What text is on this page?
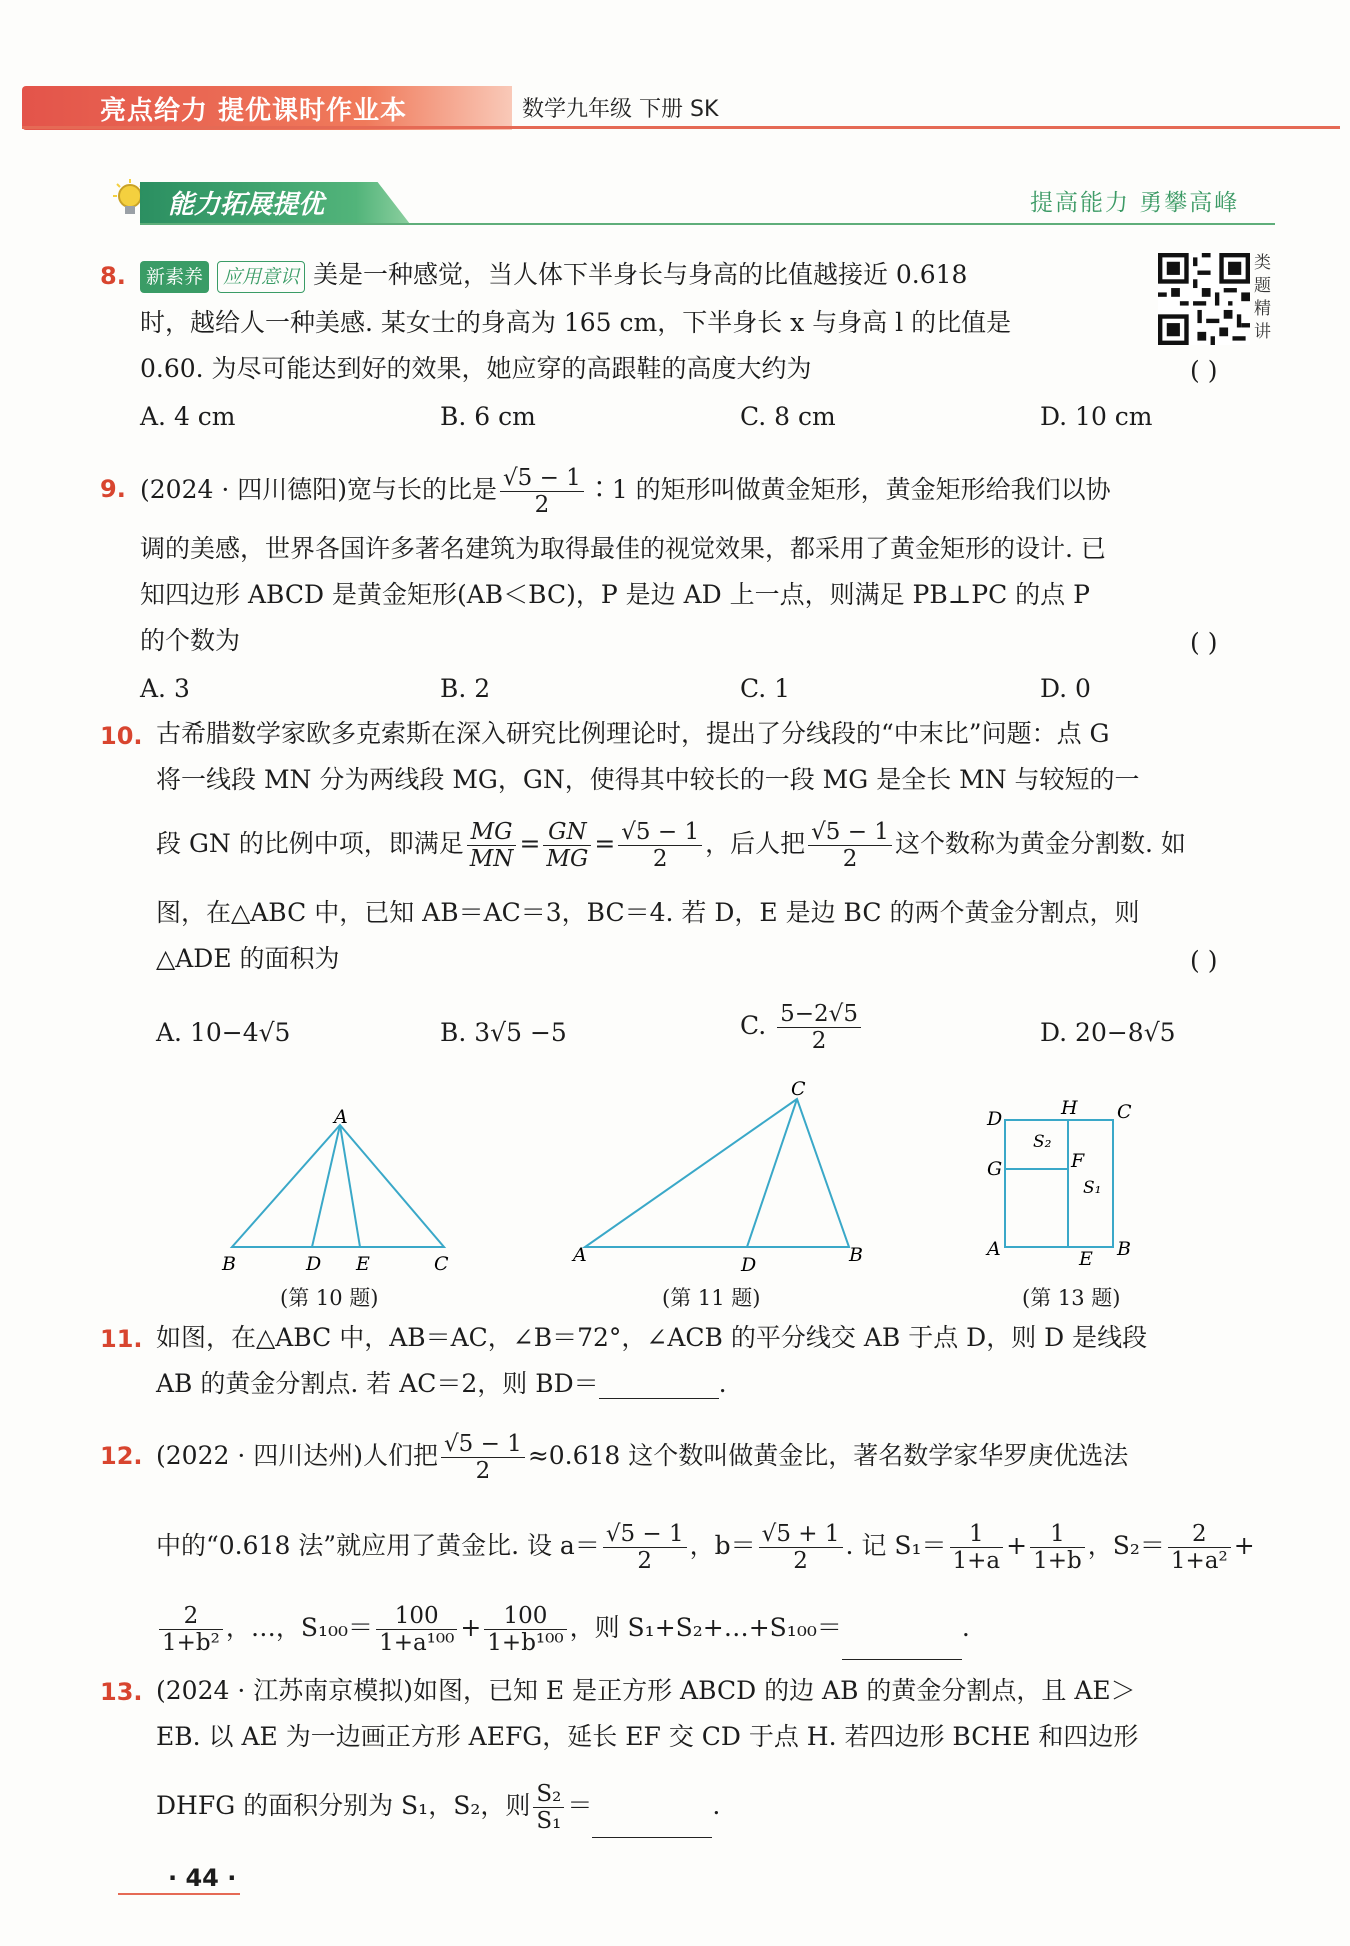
亮点给力 提优课时作业本	数学九年级 下册 SK
能力拓展提优	提高能力 勇攀高峰
类题精讲
8.	新素养 应用意识 美是一种感觉，当人体下半身长与身高的比值越接近 0.618
时，越给人一种美感. 某女士的身高为 165 cm，下半身长 x 与身高 l 的比值是
0.60. 为尽可能达到好的效果，她应穿的高跟鞋的高度大约为	( )
A. 4 cm	B. 6 cm	C. 8 cm	D. 10 cm
9. (2024 · 四川德阳)宽与长的比是 $\frac{√5 - 1}{2}$ ∶1 的矩形叫做黄金矩形，黄金矩形给我们以协
调的美感，世界各国许多著名建筑为取得最佳的视觉效果，都采用了黄金矩形的设计. 已
知四边形 ABCD 是黄金矩形(AB＜BC)，P 是边 AD 上一点，则满足 PB⊥PC 的点 P
的个数为	( )
A. 3	B. 2	C. 1	D. 0
10. 古希腊数学家欧多克索斯在深入研究比例理论时，提出了分线段的“中末比”问题：点 G
将一线段 MN 分为两线段 MG，GN，使得其中较长的一段 MG 是全长 MN 与较短的一
段 GN 的比例中项，即满足 $\frac{MG}{MN} = \frac{GN}{MG} = \frac{√5 - 1}{2}$ ，后人把 $\frac{√5 - 1}{2}$ 这个数称为黄金分割数. 如
图，在△ABC 中，已知 AB＝AC＝3，BC＝4. 若 D，E 是边 BC 的两个黄金分割点，则
△ADE 的面积为	( )
A. 10−4√5	B. 3√5 −5	C. $\frac{5-2√5}{2}$	D. 20−8√5
A
B	D E	C
(第 10 题)
C
A	D	B
(第 11 题)
D	H C
S₂
G	F
S₁
A	E B
(第 13 题)
11. 如图，在△ABC 中，AB＝AC，∠B＝72°，∠ACB 的平分线交 AB 于点 D，则 D 是线段
AB 的黄金分割点. 若 AC＝2，则 BD＝	.
12. (2022 · 四川达州)人们把 $\frac{√5 - 1}{2} \approx 0.618$ 这个数叫做黄金比，著名数学家华罗庚优选法
中的“0.618 法”就应用了黄金比. 设 $a= \frac{√5 - 1}{2}$ ，$b= \frac{√5 + 1}{2}$ . 记 $S_1= \frac{1}{1+a} + \frac{1}{1+b}$ ，$S_2= \frac{2}{\text{1+a²}}$ +
$\frac{2}{\text{1+b²}}$ ，…，$S_{100}= \frac{100}{\text{1+a¹⁰⁰}} + \frac{100}{\text{1+b¹⁰⁰}}$ ，则 S₁+S₂+…+S₁₀₀＝	.
13. (2024 · 江苏南京模拟)如图，已知 E 是正方形 ABCD 的边 AB 的黄金分割点，且 AE＞
EB. 以 AE 为一边画正方形 AEFG，延长 EF 交 CD 于点 H. 若四边形 BCHE 和四边形
DHFG 的面积分别为 S₁，S₂，则 $\frac{\text{S₂}}{\text{S₁}}$ ＝	.
· 44 ·
